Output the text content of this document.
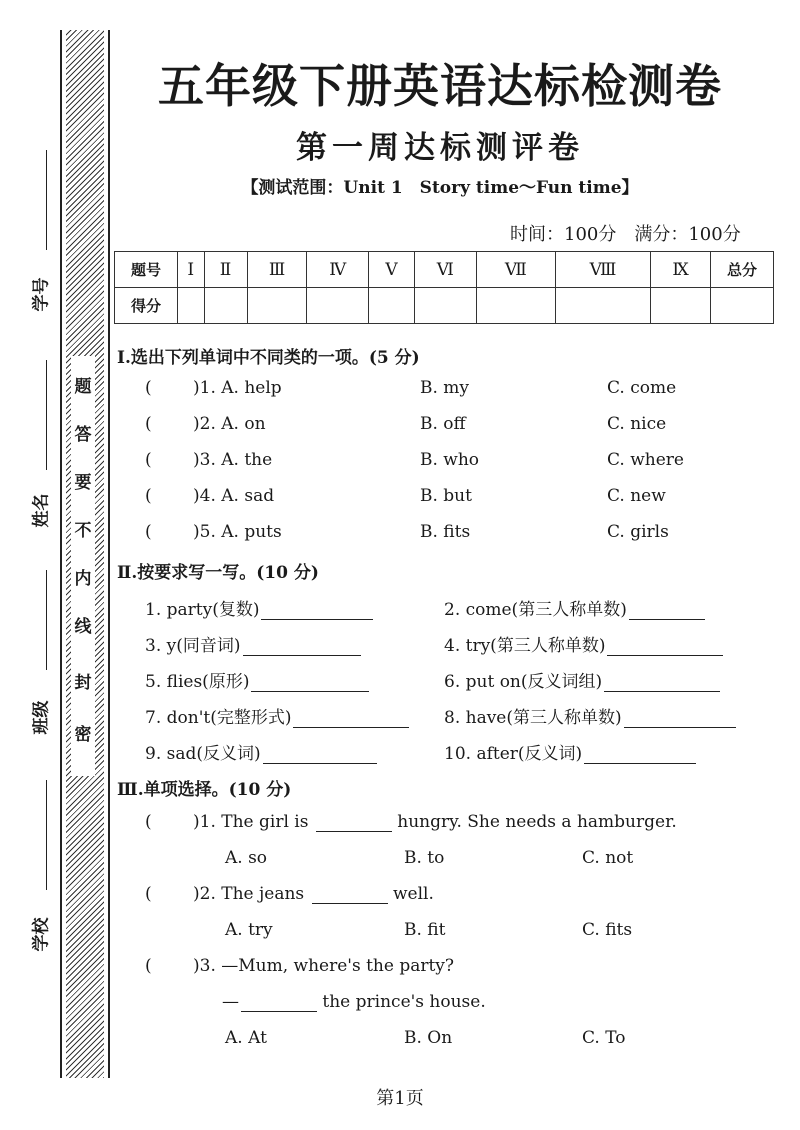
题
答
要
不
内
线
封
密
学号
姓名
班级
学校
五年级下册英语达标检测卷
第一周达标测评卷
【测试范围：Unit 1　Story time～Fun time】
时间：100分　满分：100分
题号	Ⅰ	Ⅱ	Ⅲ	Ⅳ	Ⅴ	Ⅵ	Ⅶ	Ⅷ	Ⅸ	总分
得分										
Ⅰ.选出下列单词中不同类的一项。(5 分)
( )1. A. help	B. my	C. come
( )2. A. on	B. off	C. nice
( )3. A. the	B. who	C. where
( )4. A. sad	B. but	C. new
( )5. A. puts	B. fits	C. girls
Ⅱ.按要求写一写。(10 分)
1. party(复数)	2. come(第三人称单数)
3. y(同音词)	4. try(第三人称单数)
5. flies(原形)	6. put on(反义词组)
7. don't(完整形式)	8. have(第三人称单数)
9. sad(反义词)	10. after(反义词)
Ⅲ.单项选择。(10 分)
( )1. The girl is	hungry. She needs a hamburger.
A. so	B. to	C. not
( )2. The jeans	well.
A. try	B. fit	C. fits
( )3. —Mum, where's the party?
—	the prince's house.
A. At	B. On	C. To
第1页
